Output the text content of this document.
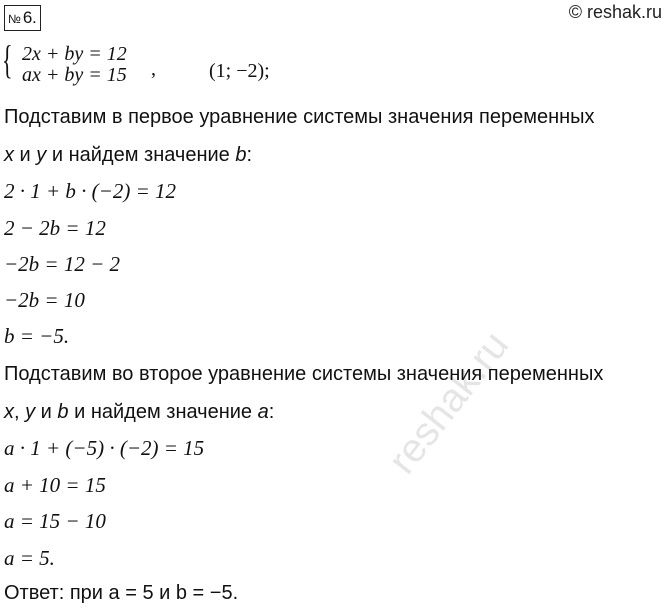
№ 6.	© reshak.ru
{ 2x + by = 12
ax + by = 15 ,	(1; −2);
Подставим в первое уравнение системы значения переменных
x и y и найдем значение b:
2 · 1 + b · (−2) = 12
2 − 2b = 12
−2b = 12 − 2
−2b = 10
b = −5.
Подставим во второе уравнение системы значения переменных
x, y и b и найдем значение a:
a · 1 + (−5) · (−2) = 15
a + 10 = 15
a = 15 − 10
a = 5.
Ответ: при a = 5 и b = −5.
reshak.ru
